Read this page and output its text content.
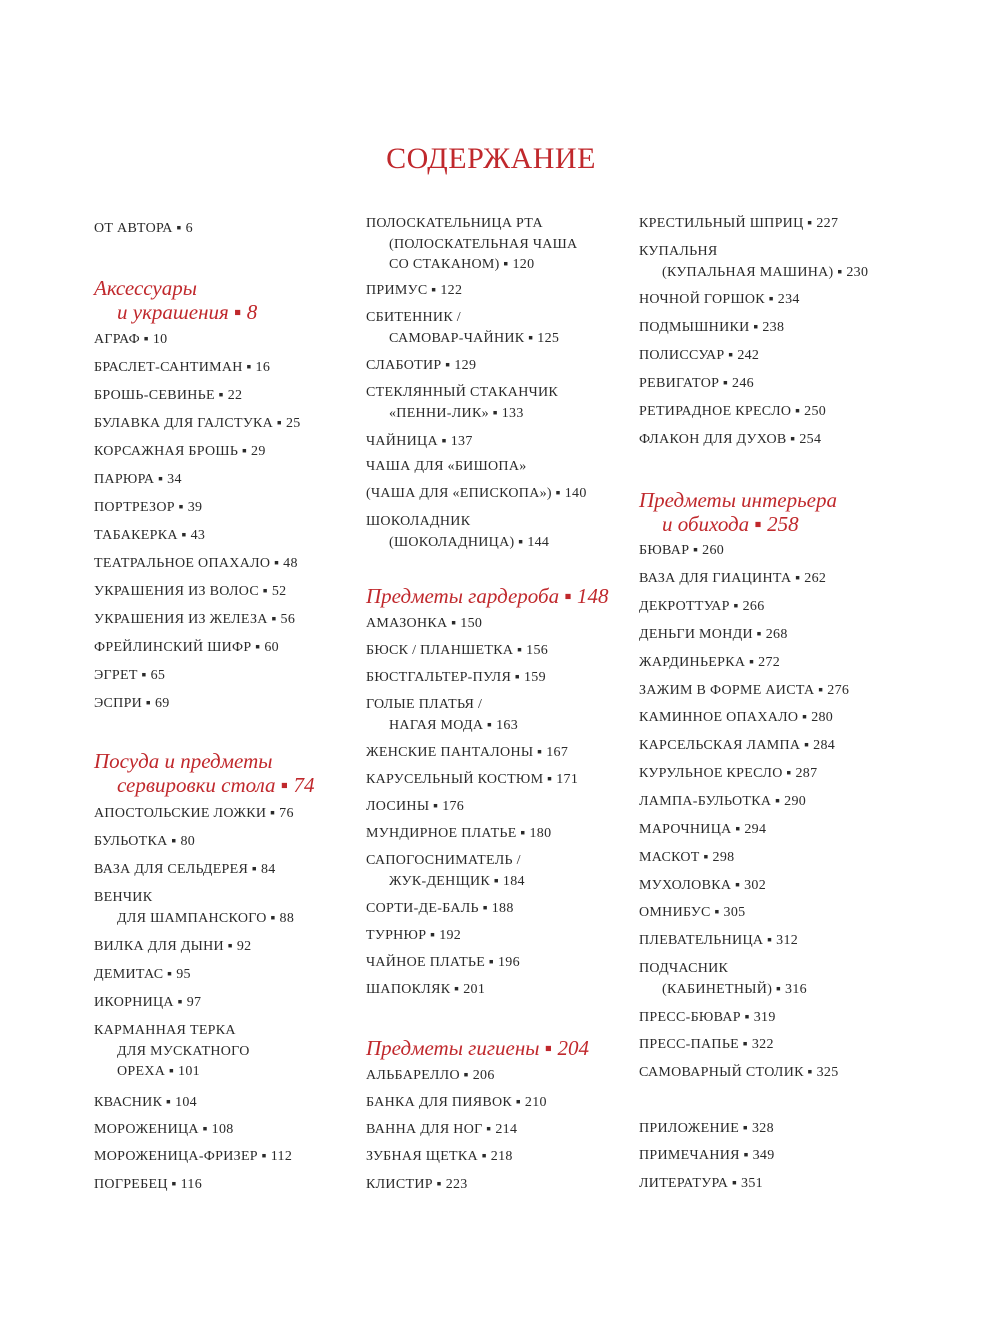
СОДЕРЖАНИЕ

ОТ АВТОРА ▪ 6

Аксессуары
и украшения ▪ 8

АГРАФ ▪ 10

БРАСЛЕТ-САНТИМАН ▪ 16

БРОШЬ-СЕВИНЬЕ ▪ 22

БУЛАВКА ДЛЯ ГАЛСТУКА ▪ 25

КОРСАЖНАЯ БРОШЬ ▪ 29

ПАРЮРА ▪ 34

ПОРТРЕЗОР ▪ 39

ТАБАКЕРКА ▪ 43

ТЕАТРАЛЬНОЕ ОПАХАЛО ▪ 48

УКРАШЕНИЯ ИЗ ВОЛОС ▪ 52

УКРАШЕНИЯ ИЗ ЖЕЛЕЗА ▪ 56

ФРЕЙЛИНСКИЙ ШИФР ▪ 60

ЭГРЕТ ▪ 65

ЭСПРИ ▪ 69

Посуда и предметы
сервировки стола ▪ 74

АПОСТОЛЬСКИЕ ЛОЖКИ ▪ 76

БУЛЬОТКА ▪ 80

ВАЗА ДЛЯ СЕЛЬДЕРЕЯ ▪ 84

ВЕНЧИК
ДЛЯ ШАМПАНСКОГО ▪ 88

ВИЛКА ДЛЯ ДЫНИ ▪ 92

ДЕМИТАС ▪ 95

ИКОРНИЦА ▪ 97

КАРМАННАЯ ТЕРКА
ДЛЯ МУСКАТНОГО
ОРЕХА ▪ 101

КВАСНИК ▪ 104

МОРОЖЕНИЦА ▪ 108

МОРОЖЕНИЦА-ФРИЗЕР ▪ 112

ПОГРЕБЕЦ ▪ 116

ПОЛОСКАТЕЛЬНИЦА РТА
(ПОЛОСКАТЕЛЬНАЯ ЧАША
СО СТАКАНОМ) ▪ 120

ПРИМУС ▪ 122

СБИТЕННИК /
САМОВАР-ЧАЙНИК ▪ 125

СЛАБОТИР ▪ 129

СТЕКЛЯННЫЙ СТАКАНЧИК
«ПЕННИ-ЛИК» ▪ 133

ЧАЙНИЦА ▪ 137

ЧАША ДЛЯ «БИШОПА»

(ЧАША ДЛЯ «ЕПИСКОПА») ▪ 140

ШОКОЛАДНИК
(ШОКОЛАДНИЦА) ▪ 144

Предметы гардероба ▪ 148

АМАЗОНКА ▪ 150

БЮСК / ПЛАНШЕТКА ▪ 156

БЮСТГАЛЬТЕР-ПУЛЯ ▪ 159

ГОЛЫЕ ПЛАТЬЯ /
НАГАЯ МОДА ▪ 163

ЖЕНСКИЕ ПАНТАЛОНЫ ▪ 167

КАРУСЕЛЬНЫЙ КОСТЮМ ▪ 171

ЛОСИНЫ ▪ 176

МУНДИРНОЕ ПЛАТЬЕ ▪ 180

САПОГОСНИМАТЕЛЬ /
ЖУК-ДЕНЩИК ▪ 184

СОРТИ-ДЕ-БАЛЬ ▪ 188

ТУРНЮР ▪ 192

ЧАЙНОЕ ПЛАТЬЕ ▪ 196

ШАПОКЛЯК ▪ 201

Предметы гигиены ▪ 204

АЛЬБАРЕЛЛО ▪ 206

БАНКА ДЛЯ ПИЯВОК ▪ 210

ВАННА ДЛЯ НОГ ▪ 214

ЗУБНАЯ ЩЕТКА ▪ 218

КЛИСТИР ▪ 223

КРЕСТИЛЬНЫЙ ШПРИЦ ▪ 227

КУПАЛЬНЯ
(КУПАЛЬНАЯ МАШИНА) ▪ 230

НОЧНОЙ ГОРШОК ▪ 234

ПОДМЫШНИКИ ▪ 238

ПОЛИССУАР ▪ 242

РЕВИГАТОР ▪ 246

РЕТИРАДНОЕ КРЕСЛО ▪ 250

ФЛАКОН ДЛЯ ДУХОВ ▪ 254

Предметы интерьера
и обихода ▪ 258

БЮВАР ▪ 260

ВАЗА ДЛЯ ГИАЦИНТА ▪ 262

ДЕКРОТТУАР ▪ 266

ДЕНЬГИ МОНДИ ▪ 268

ЖАРДИНЬЕРКА ▪ 272

ЗАЖИМ В ФОРМЕ АИСТА ▪ 276

КАМИННОЕ ОПАХАЛО ▪ 280

КАРСЕЛЬСКАЯ ЛАМПА ▪ 284

КУРУЛЬНОЕ КРЕСЛО ▪ 287

ЛАМПА-БУЛЬОТКА ▪ 290

МАРОЧНИЦА ▪ 294

МАСКОТ ▪ 298

МУХОЛОВКА ▪ 302

ОМНИБУС ▪ 305

ПЛЕВАТЕЛЬНИЦА ▪ 312

ПОДЧАСНИК
(КАБИНЕТНЫЙ) ▪ 316

ПРЕСС-БЮВАР ▪ 319

ПРЕСС-ПАПЬЕ ▪ 322

САМОВАРНЫЙ СТОЛИК ▪ 325

ПРИЛОЖЕНИЕ ▪ 328

ПРИМЕЧАНИЯ ▪ 349

ЛИТЕРАТУРА ▪ 351
